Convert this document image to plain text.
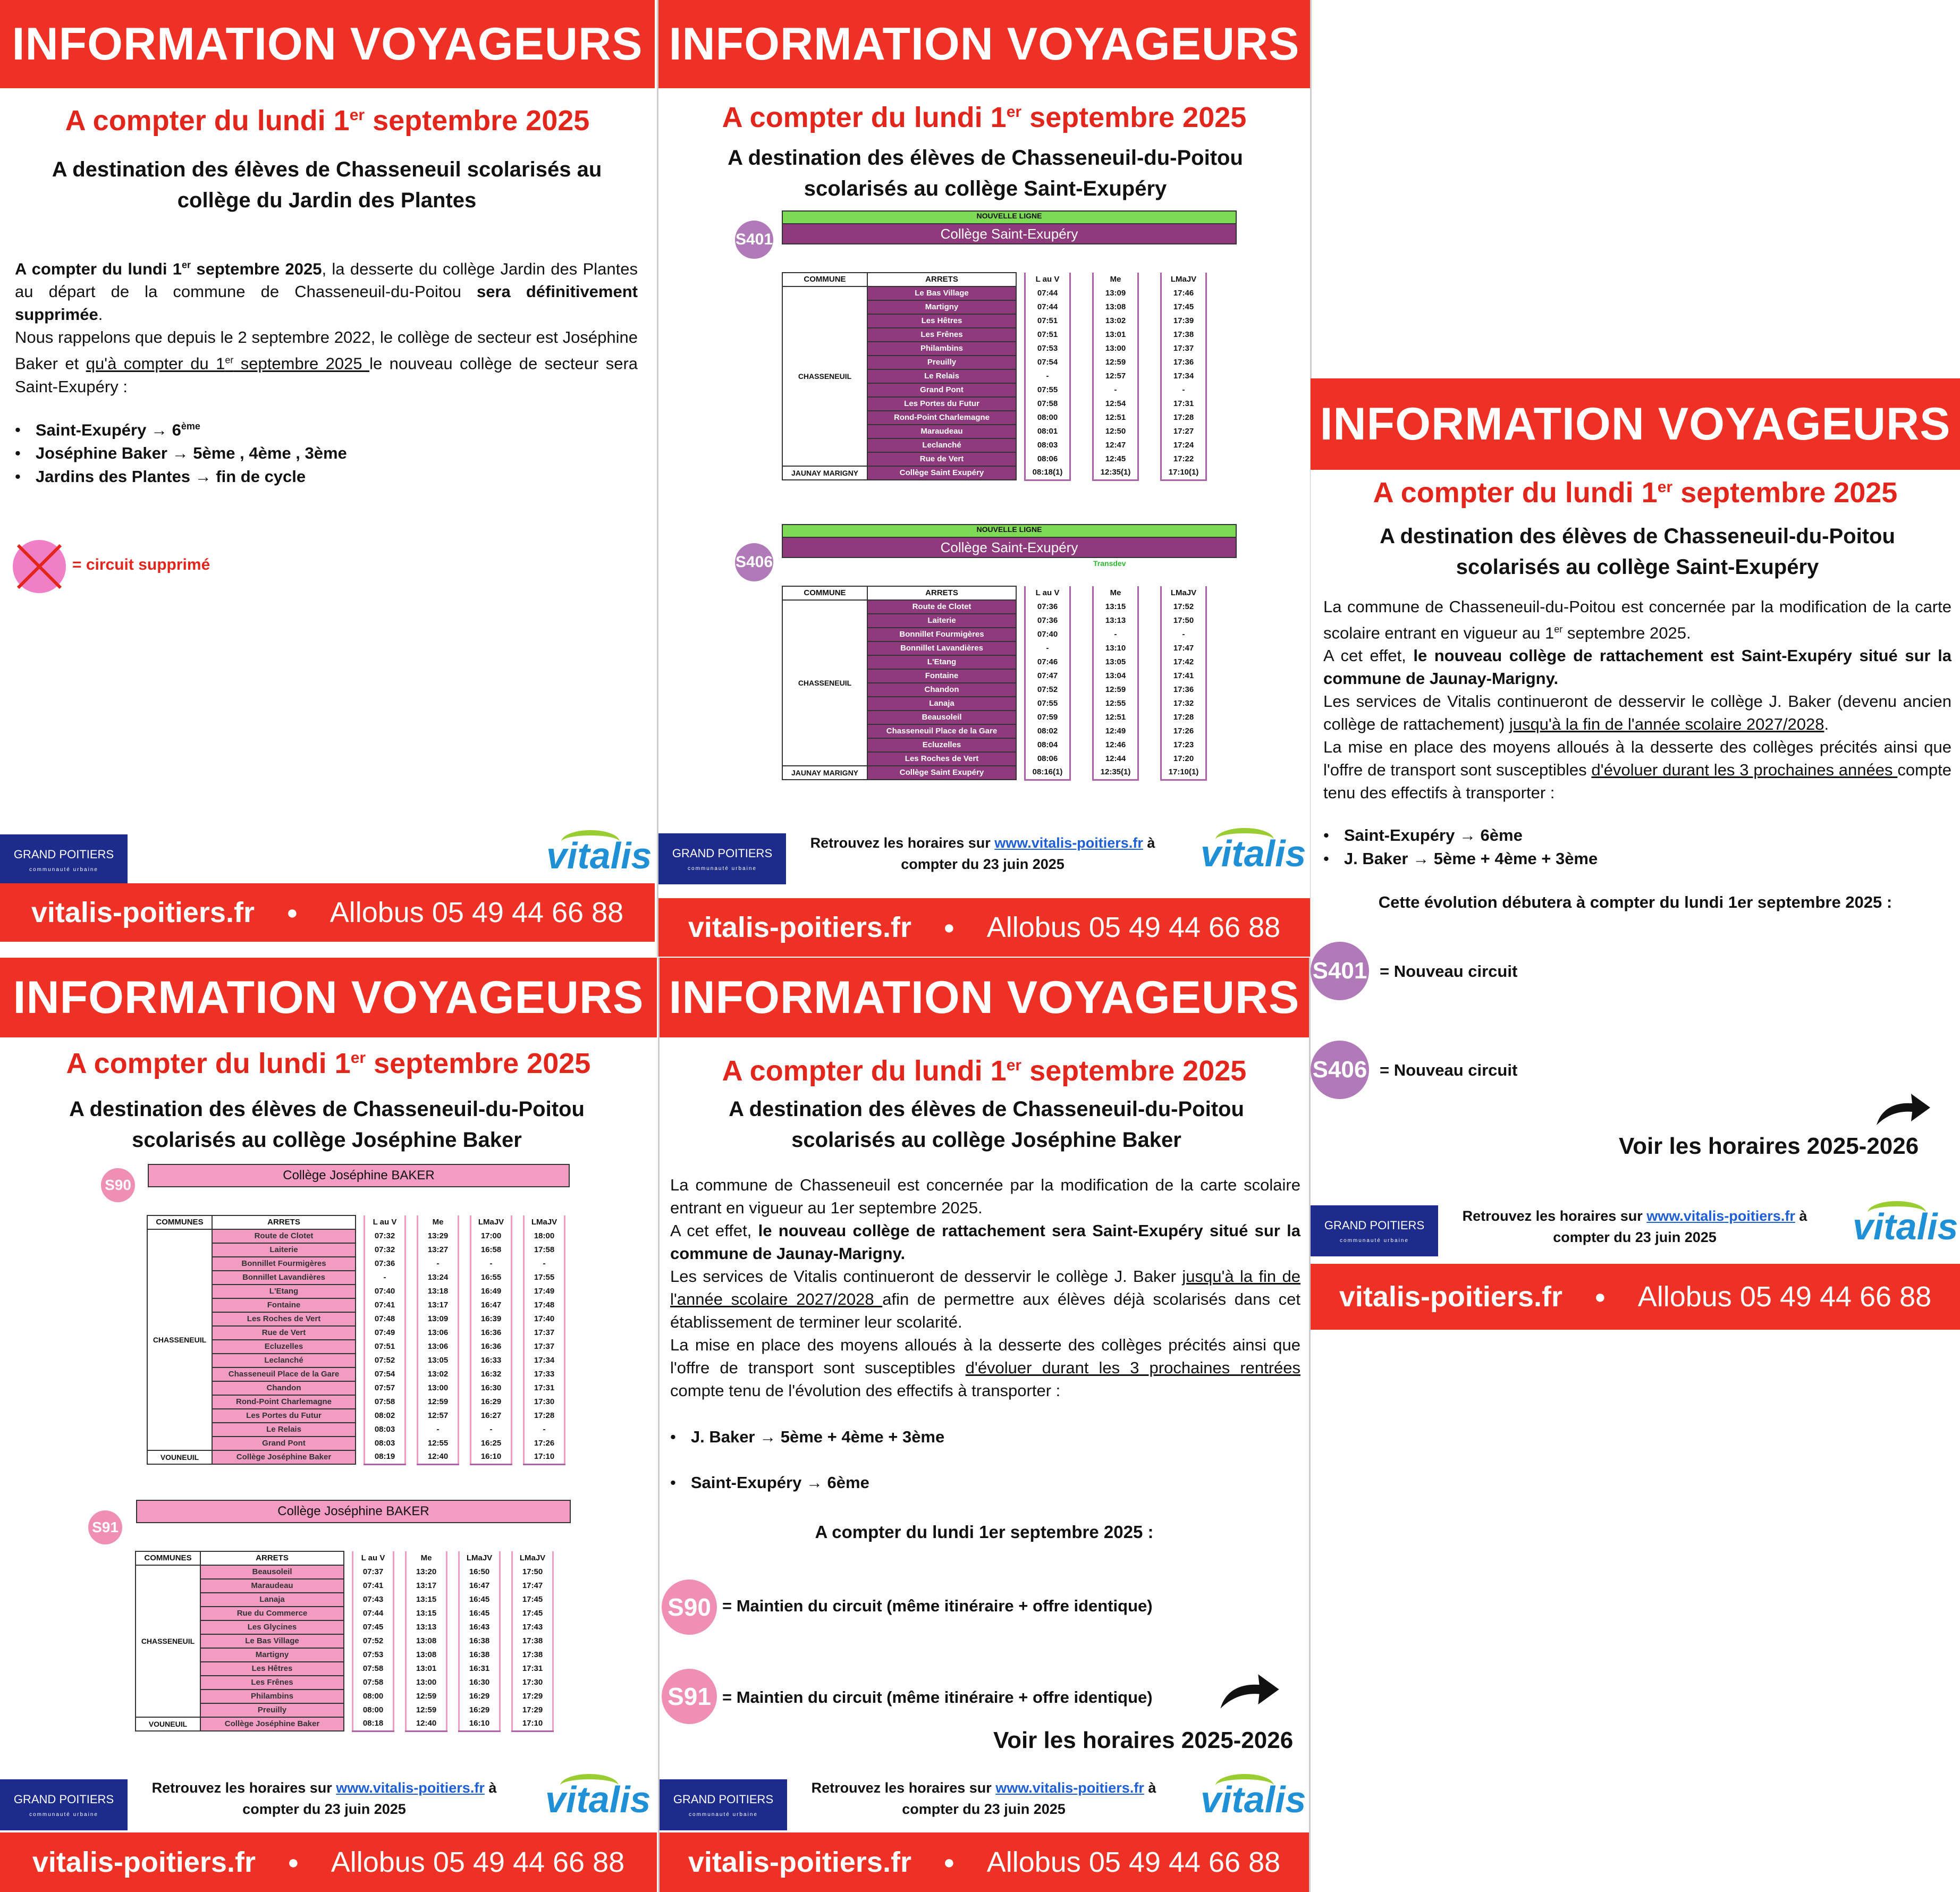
INFORMATION VOYAGEURS
A compter du lundi 1er septembre 2025
A destination des élèves de Chasseneuil scolarisés au
collège du Jardin des Plantes
A compter du lundi 1er septembre 2025, la desserte du collège Jardin des Plantes au départ de la commune de Chasseneuil-du-Poitou sera définitivement supprimée.
Nous rappelons que depuis le 2 septembre 2022, le collège de secteur est Joséphine Baker et qu'à compter du 1er septembre 2025 le nouveau collège de secteur sera Saint-Exupéry :
• Saint-Exupéry → 6ème
• Joséphine Baker → 5ème , 4ème , 3ème
• Jardins des Plantes → fin de cycle
= circuit supprimé
GRAND POITIERS
communauté urbaine	vitalis
vitalis-poitiers.fr ● Allobus 05 49 44 66 88
INFORMATION VOYAGEURS
A compter du lundi 1er septembre 2025
A destination des élèves de Chasseneuil-du-Poitou
scolarisés au collège Saint-Exupéry
S401
NOUVELLE LIGNE
Collège Saint-Exupéry
COMMUNE	ARRETS		L au V		Me		LMaJV
CHASSENEUIL	Le Bas Village		07:44		13:09		17:46
	Martigny		07:44		13:08		17:45
	Les Hêtres		07:51		13:02		17:39
	Les Frênes		07:51		13:01		17:38
	Philambins		07:53		13:00		17:37
	Preuilly		07:54		12:59		17:36
	Le Relais		-		12:57		17:34
	Grand Pont		07:55		-		-
	Les Portes du Futur		07:58		12:54		17:31
	Rond-Point Charlemagne		08:00		12:51		17:28
	Maraudeau		08:01		12:50		17:27
	Leclanché		08:03		12:47		17:24
	Rue de Vert		08:06		12:45		17:22
JAUNAY MARIGNY	Collège Saint Exupéry		08:18(1)		12:35(1)		17:10(1)
S406
NOUVELLE LIGNE
Collège Saint-Exupéry
Transdev
COMMUNE	ARRETS		L au V		Me		LMaJV
CHASSENEUIL	Route de Clotet		07:36		13:15		17:52
	Laiterie		07:36		13:13		17:50
	Bonnillet Fourmigères		07:40		-		-
	Bonnillet Lavandières		-		13:10		17:47
	L'Etang		07:46		13:05		17:42
	Fontaine		07:47		13:04		17:41
	Chandon		07:52		12:59		17:36
	Lanaja		07:55		12:55		17:32
	Beausoleil		07:59		12:51		17:28
	Chasseneuil Place de la Gare		08:02		12:49		17:26
	Ecluzelles		08:04		12:46		17:23
	Les Roches de Vert		08:06		12:44		17:20
JAUNAY MARIGNY	Collège Saint Exupéry		08:16(1)		12:35(1)		17:10(1)
GRAND POITIERS
communauté urbaine
Retrouvez les horaires sur www.vitalis-poitiers.fr à
compter du 23 juin 2025	vitalis
vitalis-poitiers.fr ● Allobus 05 49 44 66 88
INFORMATION VOYAGEURS
A compter du lundi 1er septembre 2025
A destination des élèves de Chasseneuil-du-Poitou
scolarisés au collège Saint-Exupéry
La commune de Chasseneuil-du-Poitou est concernée par la modification de la carte scolaire entrant en vigueur au 1er septembre 2025.
A cet effet, le nouveau collège de rattachement est Saint-Exupéry situé sur la commune de Jaunay-Marigny.
Les services de Vitalis continueront de desservir le collège J. Baker (devenu ancien collège de rattachement) jusqu'à la fin de l'année scolaire 2027/2028.
La mise en place des moyens alloués à la desserte des collèges précités ainsi que l'offre de transport sont susceptibles d'évoluer durant les 3 prochaines années compte tenu des effectifs à transporter :
• Saint-Exupéry → 6ème
• J. Baker → 5ème + 4ème + 3ème
Cette évolution débutera à compter du lundi 1er septembre 2025 :
S401 = Nouveau circuit
S406 = Nouveau circuit
Voir les horaires 2025-2026
GRAND POITIERS
communauté urbaine
Retrouvez les horaires sur www.vitalis-poitiers.fr à
compter du 23 juin 2025	vitalis
vitalis-poitiers.fr ● Allobus 05 49 44 66 88
INFORMATION VOYAGEURS
A compter du lundi 1er septembre 2025
A destination des élèves de Chasseneuil-du-Poitou
scolarisés au collège Joséphine Baker
S90
Collège Joséphine BAKER
COMMUNES	ARRETS		L au V		Me		LMaJV		LMaJV
CHASSENEUIL	Route de Clotet		07:32		13:29		17:00		18:00
	Laiterie		07:32		13:27		16:58		17:58
	Bonnillet Fourmigères		07:36		-		-		-
	Bonnillet Lavandières		-		13:24		16:55		17:55
	L'Etang		07:40		13:18		16:49		17:49
	Fontaine		07:41		13:17		16:47		17:48
	Les Roches de Vert		07:48		13:09		16:39		17:40
	Rue de Vert		07:49		13:06		16:36		17:37
	Ecluzelles		07:51		13:06		16:36		17:37
	Leclanché		07:52		13:05		16:33		17:34
	Chasseneuil Place de la Gare		07:54		13:02		16:32		17:33
	Chandon		07:57		13:00		16:30		17:31
	Rond-Point Charlemagne		07:58		12:59		16:29		17:30
	Les Portes du Futur		08:02		12:57		16:27		17:28
	Le Relais		08:03		-		-		-
	Grand Pont		08:03		12:55		16:25		17:26
VOUNEUIL	Collège Joséphine Baker		08:19		12:40		16:10		17:10
S91
Collège Joséphine BAKER
COMMUNES	ARRETS		L au V		Me		LMaJV		LMaJV
CHASSENEUIL	Beausoleil		07:37		13:20		16:50		17:50
	Maraudeau		07:41		13:17		16:47		17:47
	Lanaja		07:43		13:15		16:45		17:45
	Rue du Commerce		07:44		13:15		16:45		17:45
	Les Glycines		07:45		13:13		16:43		17:43
	Le Bas Village		07:52		13:08		16:38		17:38
	Martigny		07:53		13:08		16:38		17:38
	Les Hêtres		07:58		13:01		16:31		17:31
	Les Frênes		07:58		13:00		16:30		17:30
	Philambins		08:00		12:59		16:29		17:29
	Preuilly		08:00		12:59		16:29		17:29
VOUNEUIL	Collège Joséphine Baker		08:18		12:40		16:10		17:10
GRAND POITIERS
communauté urbaine
Retrouvez les horaires sur www.vitalis-poitiers.fr à
compter du 23 juin 2025	vitalis
vitalis-poitiers.fr ● Allobus 05 49 44 66 88
INFORMATION VOYAGEURS
A compter du lundi 1er septembre 2025
A destination des élèves de Chasseneuil-du-Poitou
scolarisés au collège Joséphine Baker
La commune de Chasseneuil est concernée par la modification de la carte scolaire entrant en vigueur au 1er septembre 2025.
A cet effet, le nouveau collège de rattachement sera Saint-Exupéry situé sur la commune de Jaunay-Marigny.
Les services de Vitalis continueront de desservir le collège J. Baker jusqu'à la fin de l'année scolaire 2027/2028 afin de permettre aux élèves déjà scolarisés dans cet établissement de terminer leur scolarité.
La mise en place des moyens alloués à la desserte des collèges précités ainsi que l'offre de transport sont susceptibles d'évoluer durant les 3 prochaines rentrées compte tenu de l'évolution des effectifs à transporter :
• J. Baker → 5ème + 4ème + 3ème
• Saint-Exupéry → 6ème
A compter du lundi 1er septembre 2025 :
S90 = Maintien du circuit (même itinéraire + offre identique)
S91 = Maintien du circuit (même itinéraire + offre identique)
Voir les horaires 2025-2026
GRAND POITIERS
communauté urbaine
Retrouvez les horaires sur www.vitalis-poitiers.fr à
compter du 23 juin 2025	vitalis
vitalis-poitiers.fr ● Allobus 05 49 44 66 88
